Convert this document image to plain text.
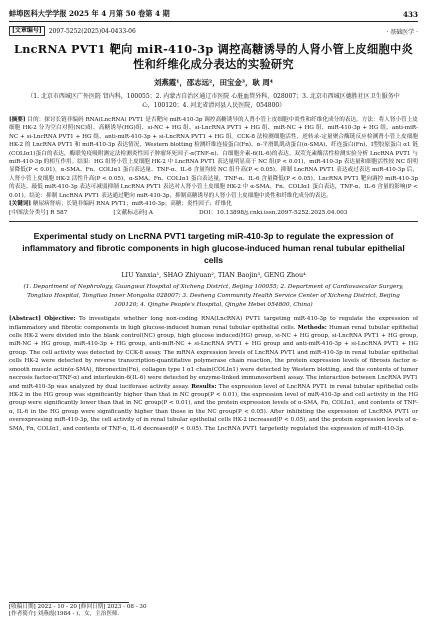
蚌埠医科大学学报 2025 年 4 月第 50 卷第 4 期	433
[文章编号]	2097-5252(2025)04-0433-06	· 基础医学 ·
LncRNA PVT1 靶向 miR-410-3p 调控高糖诱导的人肾小管上皮细胞中炎性和纤维化成分表达的实验研究
刘燕霞¹，邵志远²，田宝金³，耿 周⁴
（1. 北京市西城区广外医院 肾内科，100055；2. 内蒙古自治区通辽市医院 心脏血管外科，028007；3. 北京市西城区德胜社区卫生服务中心，100120；4. 河北省清河县人民医院，054800）
[摘要] 目的：探讨长链非编码 RNA(LncRNA) PVT1 是否靶向 miR-410-3p 调控高糖诱导的人肾小管上皮细胞中炎性和纤维化成分的表达。方法：将人肾小管上皮细胞 HK-2 分为空白对照(NC)组、高糖诱导(HG)组、si-NC + HG 组、si-LncRNA PVT1 + HG 组、miR-NC + HG 组、miR-410-3p + HG 组、anti-miR-NC + si-LncRNA PVT1 + HG 组、anti-miR-410-3p + si-LncRNA PVT1 + HG 组。CCK-8 法检测细胞活性，逆转录-定量聚合酶链反应检测肾小管上皮细胞 HK-2 的 LncRNA PVT1 和 miR-410-3p 表达情况，Western blotting 检测纤维连接蛋白(Fn)、α-平滑肌肌动蛋白(α-SMA)、纤连蛋白(Fn)、Ⅰ型胶原蛋白 α1 链(COLIα1)蛋白的表达，酶联免疫吸附测定法检测炎性因子肿瘤坏死因子-α(TNF-α)、白细胞介素-6(IL-6)的表达。双荧光素酶活性检测实验分析 LncRNA PVT1 与 miR-410-3p 的相互作用。结果：HG 组肾小管上皮细胞 HK-2 中 LncRNA PVT1 表达量明显高于 NC 组(P < 0.01)，miR-410-3p 表达量和细胞活性较 NC 组明显降低(P < 0.01)，α-SMA、Fn、COLIα1 蛋白表达量、TNF-α、IL-6 含量均较 NC 组升高(P < 0.05)。抑制 LncRNA PVT1 表达或过表达 miR-410-3p 后，人肾小管上皮细胞 HK-2 活性升高(P < 0.05)，α-SMA、Fn、COLIα1 蛋白表达量，TNF-α、IL-6 含量降低(P < 0.05)。LncRNA PVT1 靶向调控 miR-410-3p 的表达。敲低 miR-410-3p 表达可减弱抑制 LncRNA PVT1 表达对人肾小管上皮细胞 HK-2 中 α-SMA、Fn、COLIα1 蛋白表达，TNF-α、IL-6 含量的影响(P < 0.01)。结论：抑制 LncRNA PVT1 表达通过靶向 miR-410-3p，抑制高糖诱导的人肾小管上皮细胞中炎性和纤维化成分的表达。
[关键词] 糖尿病肾病；长链非编码 RNA PVT1；miR-410-3p；高糖；炎性因子；纤维化
[中图法分类号] R 587	[文献标志码] A	DOI：10.13898/j.cnki.issn.2097-5252.2025.04.003
Experimental study on LncRNA PVT1 targeting miR-410-3p to regulate the expression of inflammatory and fibrotic components in high glucose-induced human renal tubular epithelial cells
LIU Yanxia¹, SHAO Zhiyuan², TIAN Baojin³, GENG Zhou⁴
(1. Department of Nephrology, Guangwai Hospital of Xicheng District, Beijing 100055; 2. Department of Cardiovascular Surgery, Tongliao Hospital, Tongliao Inner Mongolia 028007; 3. Desheng Community Health Service Center of Xicheng District, Beijing 100120; 4. Qinghe People's Hospital, Qinghe Hebei 054800, China)
[Abstract] Objective: To investigate whether long non-coding RNA(LncRNA) PVT1 targeting miR-410-3p to regulate the expression of inflammatory and fibrotic components in high glucose-induced human renal tubular epithelial cells. Methods: Human renal tubular epithelial cells HK-2 were divided into the blank control(NC) group, high glucose induced(HG) group, si-NC + HG group, si-LncRNA PVT1 + HG group, miR-NC + HG group, miR-410-3p + HG group, anti-miR-NC + si-LncRNA PVT1 + HG group and anti-miR-410-3p + si-LncRNA PVT1 + HG group. The cell activity was detected by CCK-8 assay. The mRNA expression levels of LncRNA PVT1 and miR-410-3p in renal tubular epithelial cells HK-2 were detected by reverse transcription-quantitative polymerase chain reaction, the protein expression levels of fibrosis factor α-smooth muscle actin(α-SMA), fibronectin(Fn), collagen type Ⅰ α1 chain(COLIα1) were detected by Western blotting, and the contents of tumor necrosis factor-α(TNF-α) and interleukin-6(IL-6) were detected by enzyme-linked immunosorbent assay. The interaction between LncRNA PVT1 and miR-410-3p was analyzed by dual luciferase activity assay. Results: The expression level of LncRNA PVT1 in renal tubular epithelial cells HK-2 in the HG group was significantly higher than that in NC group(P < 0.01), the expression level of miR-410-3p and cell activity in the HG group were significantly lower than that in NC group(P < 0.01), and the protein expression levels of α-SMA, Fn, COLIα1, and contents of TNF-α, IL-6 in the HG group were significantly higher than those in the NC group(P < 0.05). After inhibiting the expression of LncRNA PVT1 or overexpressing miR-410-3p, the cell activity of in renal tubular epithelial cells HK-2 increased(P < 0.05), and the protein expression levels of α-SMA, Fn, COLIα1, and contents of TNF-α, IL-6 decreased(P < 0.05). The LncRNA PVT1 targetedly regulated the expression of miR-410-3p.
[收稿日期] 2022 - 10 - 20 [修回日期] 2023 - 08 - 30
[作者简介] 刘燕霞(1984 - )，女，主治医师.
